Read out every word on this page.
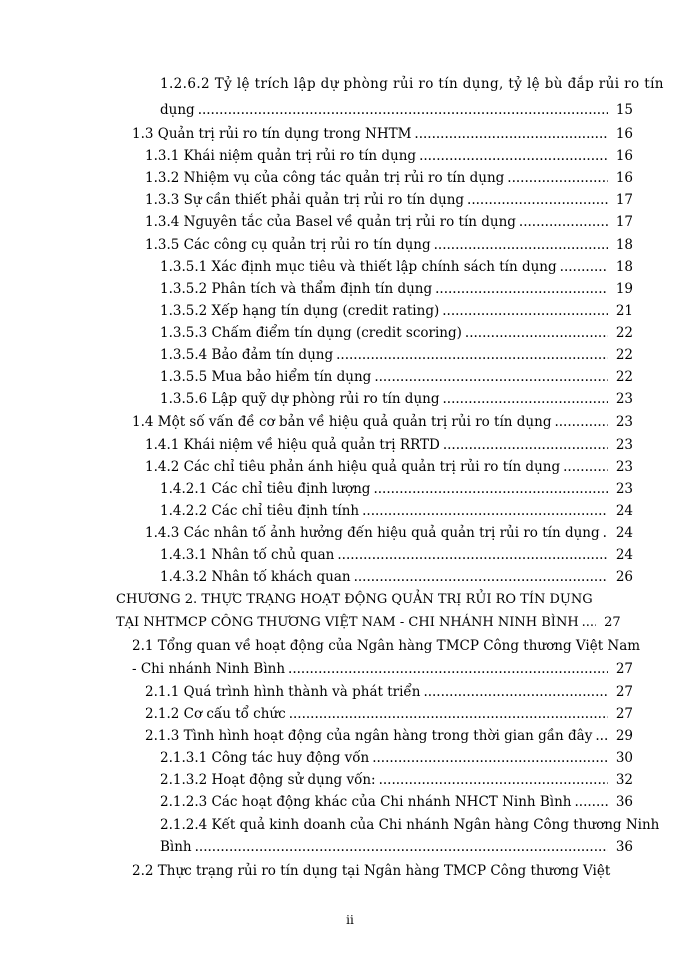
1.2.6.2 Tỷ lệ trích lập dự phòng rủi ro tín dụng, tỷ lệ bù đắp rủi ro tín
dụng .....	15
1.3 Quản trị rủi ro tín dụng trong NHTM .....	16
1.3.1 Khái niệm quản trị rủi ro tín dụng .....	16
1.3.2 Nhiệm vụ của công tác quản trị rủi ro tín dụng .....	16
1.3.3 Sự cần thiết phải quản trị rủi ro tín dụng .....	17
1.3.4 Nguyên tắc của Basel về quản trị rủi ro tín dụng .....	17
1.3.5 Các công cụ quản trị rủi ro tín dụng .....	18
1.3.5.1 Xác định mục tiêu và thiết lập chính sách tín dụng .....	18
1.3.5.2 Phân tích và thẩm định tín dụng .....	19
1.3.5.2 Xếp hạng tín dụng (credit rating) .....	21
1.3.5.3 Chấm điểm tín dụng (credit scoring) .....	22
1.3.5.4 Bảo đảm tín dụng .....	22
1.3.5.5 Mua bảo hiểm tín dụng .....	22
1.3.5.6 Lập quỹ dự phòng rủi ro tín dụng .....	23
1.4 Một số vấn đề cơ bản về hiệu quả quản trị rủi ro tín dụng .....	23
1.4.1 Khái niệm về hiệu quả quản trị RRTD .....	23
1.4.2 Các chỉ tiêu phản ánh hiệu quả quản trị rủi ro tín dụng .....	23
1.4.2.1 Các chỉ tiêu định lượng .....	23
1.4.2.2 Các chỉ tiêu định tính .....	24
1.4.3 Các nhân tố ảnh hưởng đến hiệu quả quản trị rủi ro tín dụng .....	24
1.4.3.1 Nhân tố chủ quan .....	24
1.4.3.2 Nhân tố khách quan .....	26
CHƯƠNG 2. THỰC TRẠNG HOẠT ĐỘNG QUẢN TRỊ RỦI RO TÍN DỤNG
TẠI NHTMCP CÔNG THƯƠNG VIỆT NAM - CHI NHÁNH NINH BÌNH .....	27
2.1 Tổng quan về hoạt động của Ngân hàng TMCP Công thương Việt Nam
- Chi nhánh Ninh Bình .....	27
2.1.1 Quá trình hình thành và phát triển .....	27
2.1.2 Cơ cấu tổ chức .....	27
2.1.3 Tình hình hoạt động của ngân hàng trong thời gian gần đây .....	29
2.1.3.1 Công tác huy động vốn .....	30
2.1.3.2 Hoạt động sử dụng vốn: .....	32
2.1.2.3 Các hoạt động khác của Chi nhánh NHCT Ninh Bình .....	36
2.1.2.4 Kết quả kinh doanh của Chi nhánh Ngân hàng Công thương Ninh
Bình .....	36
2.2 Thực trạng rủi ro tín dụng tại Ngân hàng TMCP Công thương Việt
ii
